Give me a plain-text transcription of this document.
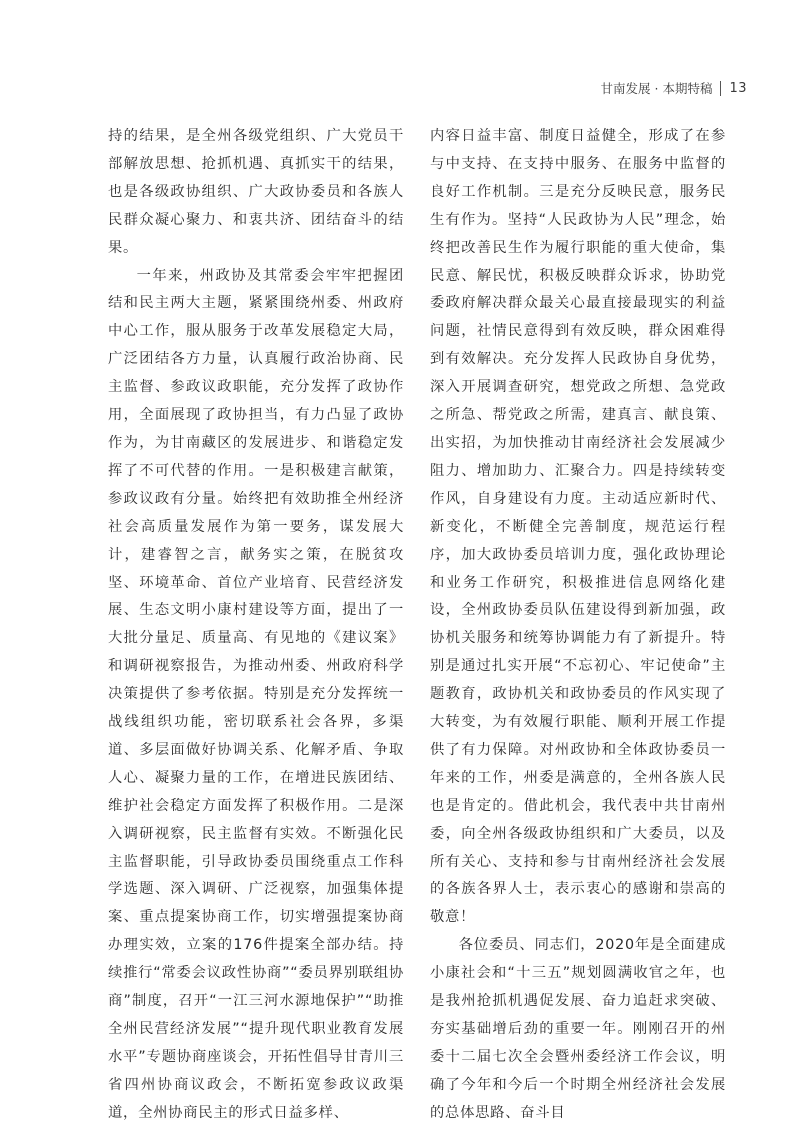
甘南发展 · 本期特稿 13

持的结果，是全州各级党组织、广大党员干部解放思想、抢抓机遇、真抓实干的结果，也是各级政协组织、广大政协委员和各族人民群众凝心聚力、和衷共济、团结奋斗的结果。

一年来，州政协及其常委会牢牢把握团结和民主两大主题，紧紧围绕州委、州政府中心工作，服从服务于改革发展稳定大局，广泛团结各方力量，认真履行政治协商、民主监督、参政议政职能，充分发挥了政协作用，全面展现了政协担当，有力凸显了政协作为，为甘南藏区的发展进步、和谐稳定发挥了不可代替的作用。一是积极建言献策，参政议政有分量。始终把有效助推全州经济社会高质量发展作为第一要务，谋发展大计，建睿智之言，献务实之策，在脱贫攻坚、环境革命、首位产业培育、民营经济发展、生态文明小康村建设等方面，提出了一大批分量足、质量高、有见地的《建议案》和调研视察报告，为推动州委、州政府科学决策提供了参考依据。特别是充分发挥统一战线组织功能，密切联系社会各界，多渠道、多层面做好协调关系、化解矛盾、争取人心、凝聚力量的工作，在增进民族团结、维护社会稳定方面发挥了积极作用。二是深入调研视察，民主监督有实效。不断强化民主监督职能，引导政协委员围绕重点工作科学选题、深入调研、广泛视察，加强集体提案、重点提案协商工作，切实增强提案协商办理实效，立案的176件提案全部办结。持续推行“常委会议政性协商”“委员界别联组协商”制度，召开“一江三河水源地保护”“助推全州民营经济发展”“提升现代职业教育发展水平”专题协商座谈会，开拓性倡导甘青川三省四州协商议政会，不断拓宽参政议政渠道，全州协商民主的形式日益多样、

内容日益丰富、制度日益健全，形成了在参与中支持、在支持中服务、在服务中监督的良好工作机制。三是充分反映民意，服务民生有作为。坚持“人民政协为人民”理念，始终把改善民生作为履行职能的重大使命，集民意、解民忧，积极反映群众诉求，协助党委政府解决群众最关心最直接最现实的利益问题，社情民意得到有效反映，群众困难得到有效解决。充分发挥人民政协自身优势，深入开展调查研究，想党政之所想、急党政之所急、帮党政之所需，建真言、献良策、出实招，为加快推动甘南经济社会发展减少阻力、增加助力、汇聚合力。四是持续转变作风，自身建设有力度。主动适应新时代、新变化，不断健全完善制度，规范运行程序，加大政协委员培训力度，强化政协理论和业务工作研究，积极推进信息网络化建设，全州政协委员队伍建设得到新加强，政协机关服务和统筹协调能力有了新提升。特别是通过扎实开展“不忘初心、牢记使命”主题教育，政协机关和政协委员的作风实现了大转变，为有效履行职能、顺利开展工作提供了有力保障。对州政协和全体政协委员一年来的工作，州委是满意的，全州各族人民也是肯定的。借此机会，我代表中共甘南州委，向全州各级政协组织和广大委员，以及所有关心、支持和参与甘南州经济社会发展的各族各界人士，表示衷心的感谢和崇高的敬意！

各位委员、同志们，2020年是全面建成小康社会和“十三五”规划圆满收官之年，也是我州抢抓机遇促发展、奋力追赶求突破、夯实基础增后劲的重要一年。刚刚召开的州委十二届七次全会暨州委经济工作会议，明确了今年和今后一个时期全州经济社会发展的总体思路、奋斗目
